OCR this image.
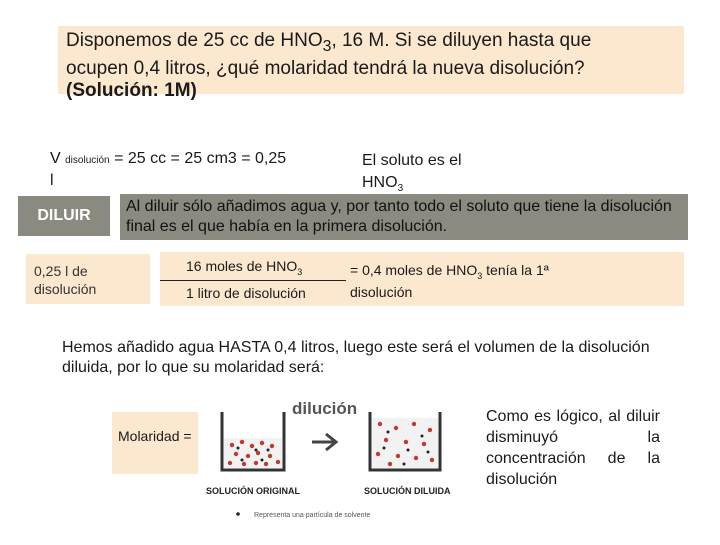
Disponemos de 25 cc de $HNO_3$, 16 M. Si se diluyen hasta que
ocupen 0,4 litros, ¿qué molaridad tendrá la nueva disolución?
(Solución: 1M)
V disolución = 25 cc = 25 cm3 = 0,25
l
El soluto es el
$HNO_3$
DILUIR
Al diluir sólo añadimos agua y, por tanto todo el soluto que tiene la disolución final es el que había en la primera disolución.
0,25 l de disolución
16 moles de $HNO_3$
1 litro de disolución
= 0,4 moles de $HNO_3$ tenía la 1ª
disolución
Hemos añadido agua HASTA 0,4 litros, luego este será el volumen de la disolución diluida, por lo que su molaridad será:
Molaridad =
dilución
SOLUCIÓN ORIGINAL	SOLUCIÓN DILUIDA
Representa una partícula de solvente
Como es lógico, al diluir disminuyó la concentración de la disolución
